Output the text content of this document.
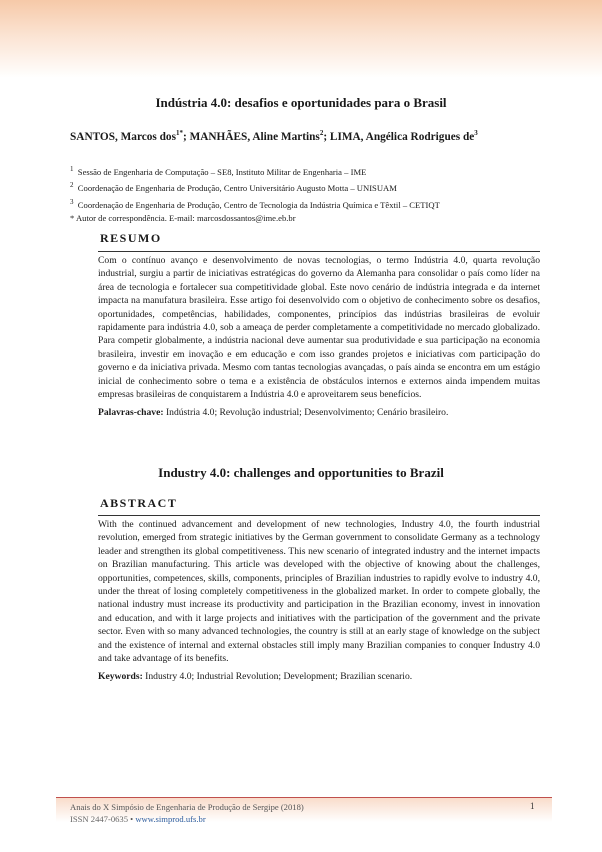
Indústria 4.0: desafios e oportunidades para o Brasil
SANTOS, Marcos dos$^{1*}$; MANHÃES, Aline Martins$^2$; LIMA, Angélica Rodrigues $de^3$
$^1$ Sessão de Engenharia de Computação – SE8, Instituto Militar de Engenharia – IME
$^2$ Coordenação de Engenharia de Produção, Centro Universitário Augusto Motta – UNISUAM
$^3$ Coordenação de Engenharia de Produção, Centro de Tecnologia da Indústria Química e Têxtil – CETIQT
* Autor de correspondência. E-mail: marcosdossantos@ime.eb.br
RESUMO

Com o contínuo avanço e desenvolvimento de novas tecnologias, o termo Indústria 4.0, quarta revolução industrial, surgiu a partir de iniciativas estratégicas do governo da Alemanha para consolidar o país como líder na área de tecnologia e fortalecer sua competitividade global. Este novo cenário de indústria integrada e da internet impacta na manufatura brasileira. Esse artigo foi desenvolvido com o objetivo de conhecimento sobre os desafios, oportunidades, competências, habilidades, componentes, princípios das indústrias brasileiras de evoluir rapidamente para indústria 4.0, sob a ameaça de perder completamente a competitividade no mercado globalizado. Para competir globalmente, a indústria nacional deve aumentar sua produtividade e sua participação na economia brasileira, investir em inovação e em educação e com isso grandes projetos e iniciativas com participação do governo e da iniciativa privada. Mesmo com tantas tecnologias avançadas, o país ainda se encontra em um estágio inicial de conhecimento sobre o tema e a existência de obstáculos internos e externos ainda impendem muitas empresas brasileiras de conquistarem a Indústria 4.0 e aproveitarem seus benefícios.

Palavras-chave: Indústria 4.0; Revolução industrial; Desenvolvimento; Cenário brasileiro.

Industry 4.0: challenges and opportunities to Brazil
ABSTRACT

With the continued advancement and development of new technologies, Industry 4.0, the fourth industrial revolution, emerged from strategic initiatives by the German government to consolidate Germany as a technology leader and strengthen its global competitiveness. This new scenario of integrated industry and the internet impacts on Brazilian manufacturing. This article was developed with the objective of knowing about the challenges, opportunities, competences, skills, components, principles of Brazilian industries to rapidly evolve to industry 4.0, under the threat of losing completely competitiveness in the globalized market. In order to compete globally, the national industry must increase its productivity and participation in the Brazilian economy, invest in innovation and education, and with it large projects and initiatives with the participation of the government and the private sector. Even with so many advanced technologies, the country is still at an early stage of knowledge on the subject and the existence of internal and external obstacles still imply many Brazilian companies to conquer Industry 4.0 and take advantage of its benefits.

Keywords: Industry 4.0; Industrial Revolution; Development; Brazilian scenario.

Anais do X Simpósio de Engenharia de Produção de Sergipe (2018)
ISSN 2447-0635 • www.simprod.ufs.br
1
